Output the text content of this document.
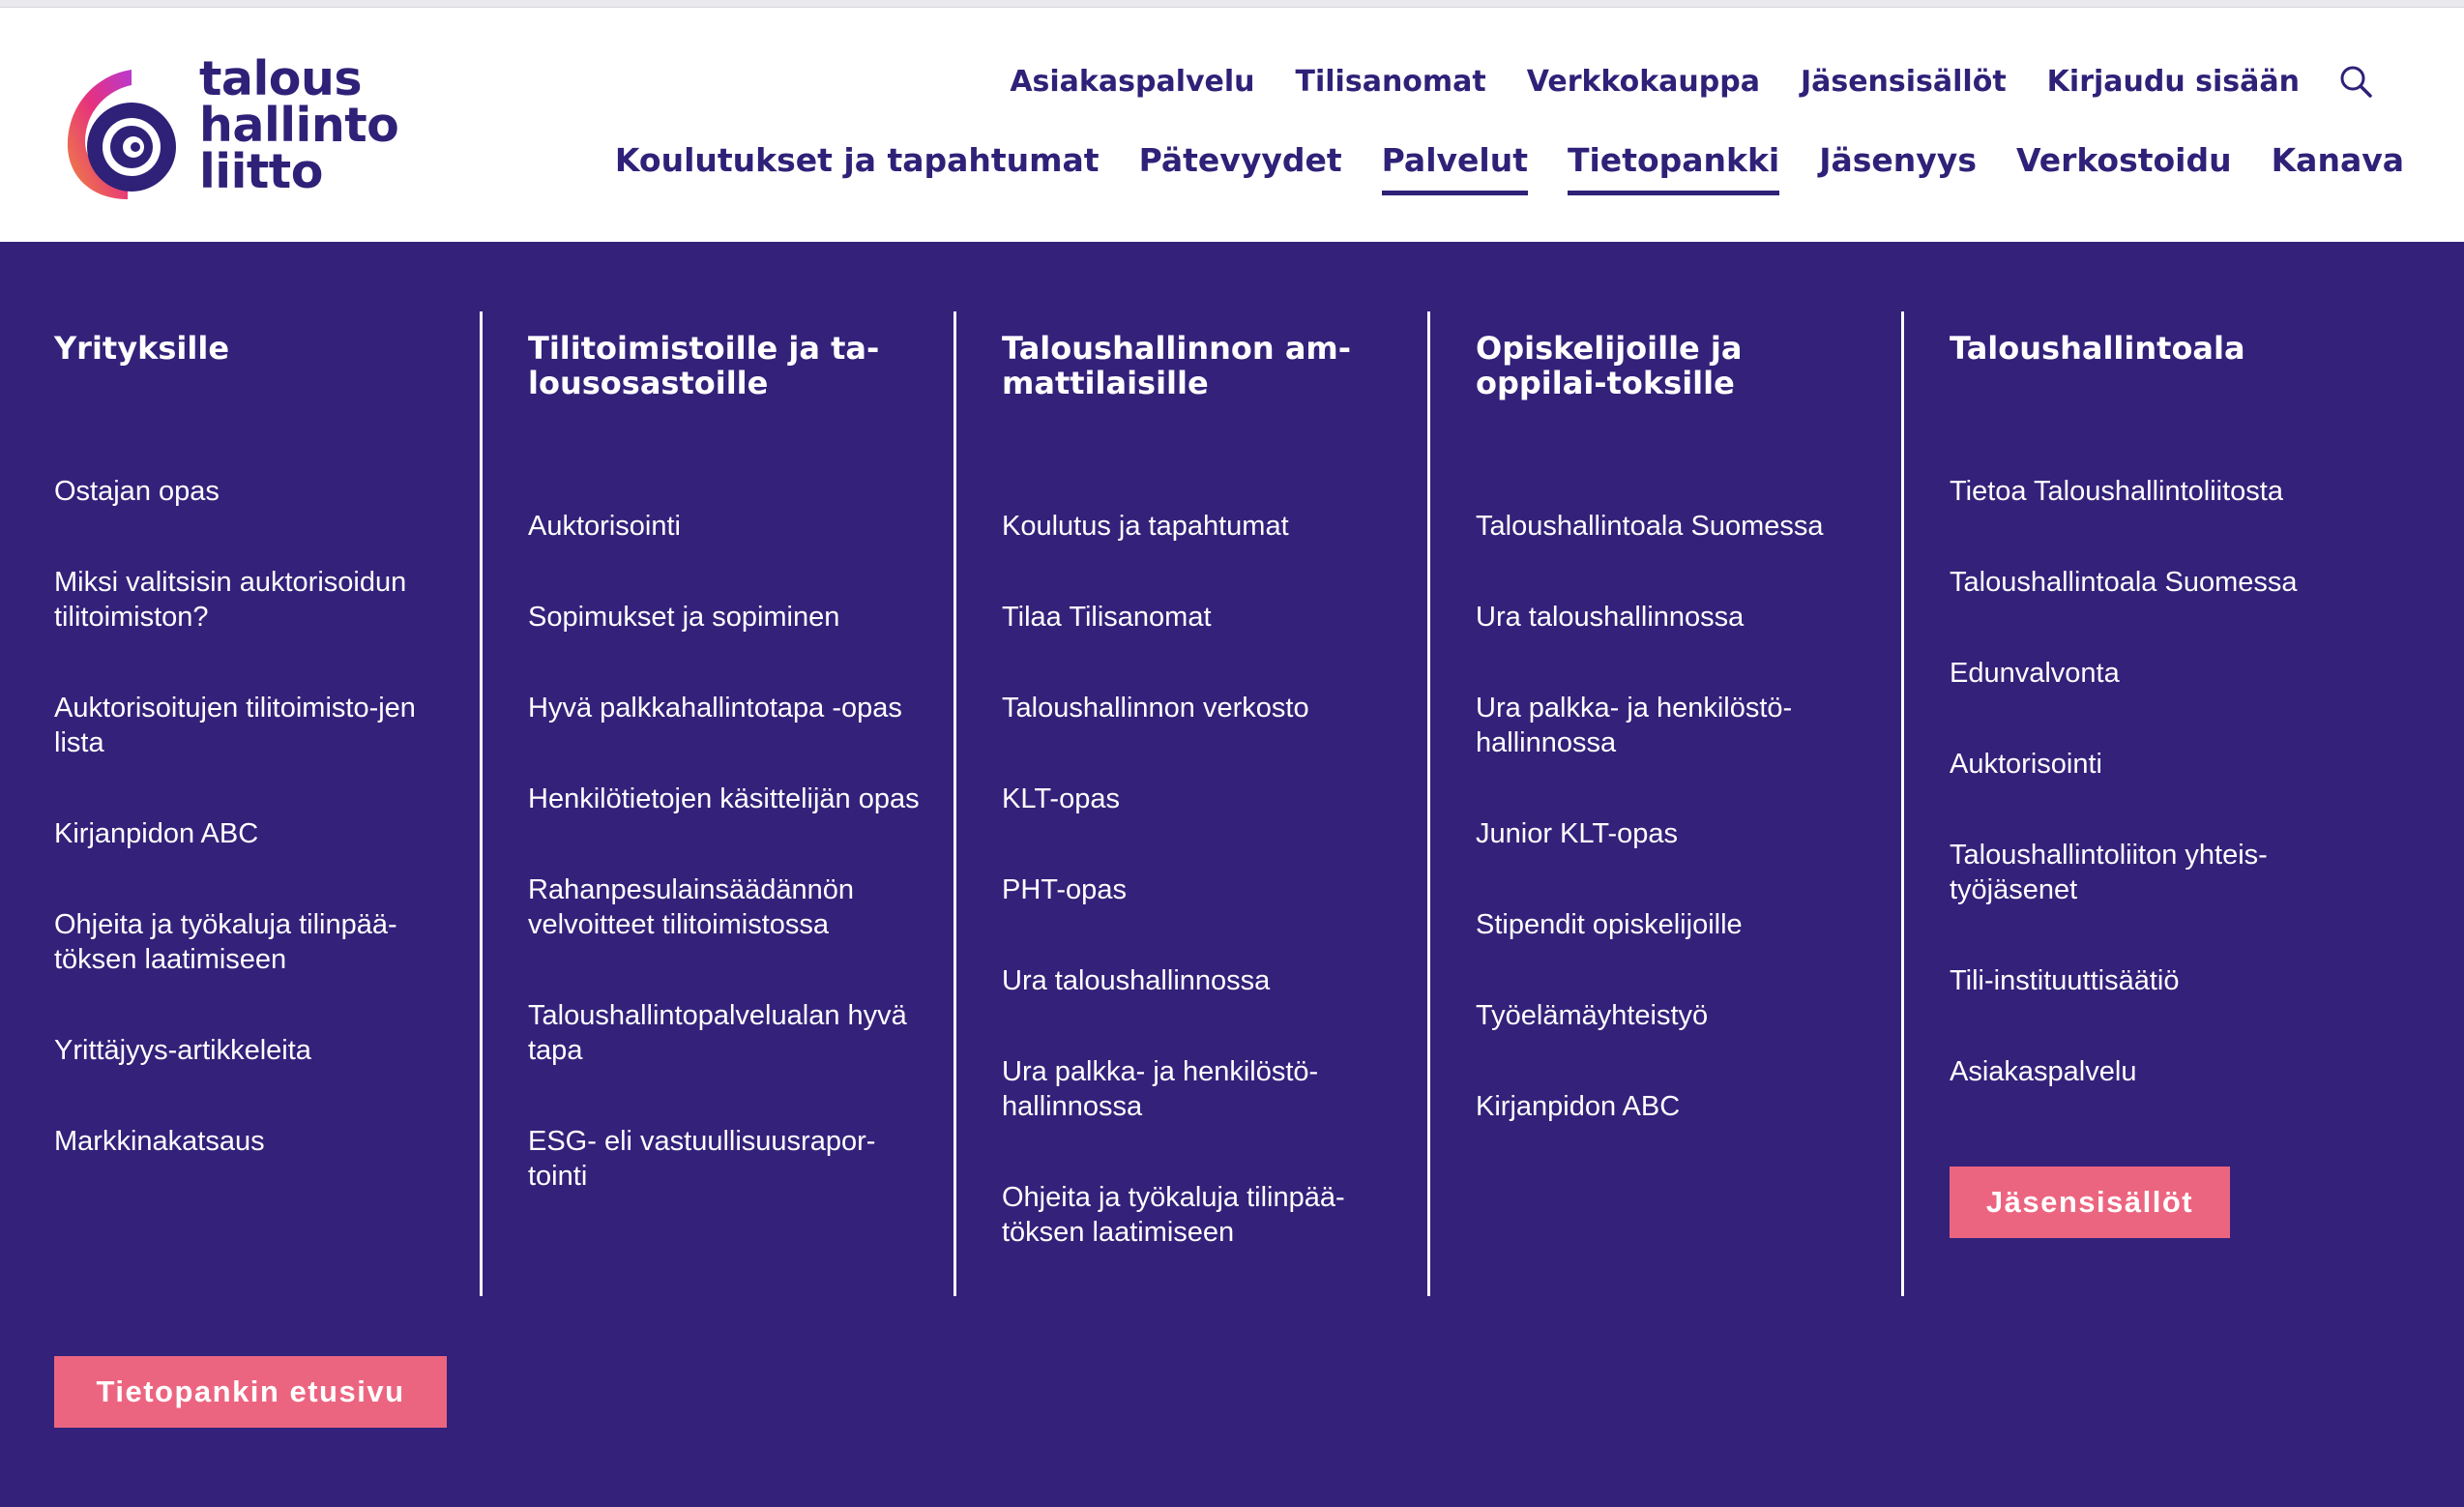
talous
hallinto
liitto
Asiakaspalvelu Tilisanomat Verkkokauppa Jäsensisällöt Kirjaudu sisään
Koulutukset ja tapahtumat Pätevyydet Palvelut Tietopankki Jäsenyys Verkostoidu Kanava
Yrityksille
Ostajan opas
Miksi valitsisin auktorisoidun tilitoimiston?
Auktorisoitujen tilitoimisto-jen lista
Kirjanpidon ABC
Ohjeita ja työkaluja tilinpää-töksen laatimiseen
Yrittäjyys-artikkeleita
Markkinakatsaus
Tilitoimistoille ja ta-lousosastoille
Auktorisointi
Sopimukset ja sopiminen
Hyvä palkkahallintotapa -opas
Henkilötietojen käsittelijän opas
Rahanpesulainsäädännön velvoitteet tilitoimistossa
Taloushallintopalvelualan hyvä tapa
ESG- eli vastuullisuusrapor-tointi
Taloushallinnon am-mattilaisille
Koulutus ja tapahtumat
Tilaa Tilisanomat
Taloushallinnon verkosto
KLT-opas
PHT-opas
Ura taloushallinnossa
Ura palkka- ja henkilöstö-hallinnossa
Ohjeita ja työkaluja tilinpää-töksen laatimiseen
Opiskelijoille ja oppilai-toksille
Taloushallintoala Suomessa
Ura taloushallinnossa
Ura palkka- ja henkilöstö-hallinnossa
Junior KLT-opas
Stipendit opiskelijoille
Työelämäyhteistyö
Kirjanpidon ABC
Taloushallintoala
Tietoa Taloushallintoliitosta
Taloushallintoala Suomessa
Edunvalvonta
Auktorisointi
Taloushallintoliiton yhteis-työjäsenet
Tili-instituuttisäätiö
Asiakaspalvelu
Jäsensisällöt
Tietopankin etusivu
